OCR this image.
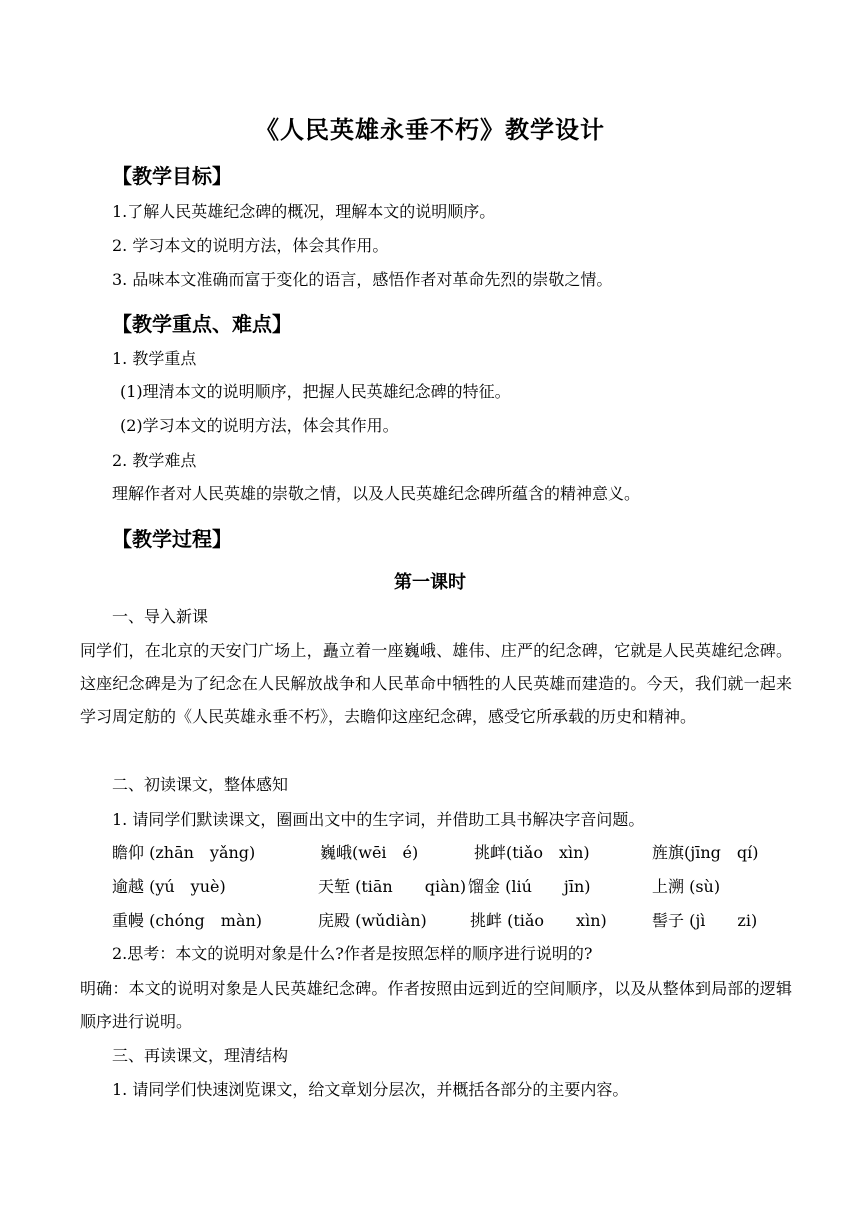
《人民英雄永垂不朽》教学设计
【教学目标】
1.了解人民英雄纪念碑的概况，理解本文的说明顺序。
2. 学习本文的说明方法，体会其作用。
3. 品味本文准确而富于变化的语言，感悟作者对革命先烈的崇敬之情。
【教学重点、难点】
1. 教学重点
(1)理清本文的说明顺序，把握人民英雄纪念碑的特征。
(2)学习本文的说明方法，体会其作用。
2. 教学难点
理解作者对人民英雄的崇敬之情，以及人民英雄纪念碑所蕴含的精神意义。
【教学过程】
第一课时
一、导入新课
同学们，在北京的天安门广场上，矗立着一座巍峨、雄伟、庄严的纪念碑，它就是人民英雄纪念碑。这座纪念碑是为了纪念在人民解放战争和人民革命中牺牲的人民英雄而建造的。今天，我们就一起来学习周定舫的《人民英雄永垂不朽》，去瞻仰这座纪念碑，感受它所承载的历史和精神。
二、初读课文，整体感知
1. 请同学们默读课文，圈画出文中的生字词，并借助工具书解决字音问题。
瞻仰 (zhān　yǎng)	巍峨(wēi　é)	挑衅(tiǎo　xìn)	旌旗(jīng　qí)
逾越 (yú　yuè)	天堑 (tiān　　qiàn) 馏金 (liú　　jīn)	上溯 (sù)
重幔 (chóng　màn)	庑殿 (wǔdiàn)	挑衅 (tiǎo　　xìn)	髻子 (jì　　zi)
2.思考：本文的说明对象是什么?作者是按照怎样的顺序进行说明的?
明确：本文的说明对象是人民英雄纪念碑。作者按照由远到近的空间顺序，以及从整体到局部的逻辑顺序进行说明。
三、再读课文，理清结构
1. 请同学们快速浏览课文，给文章划分层次，并概括各部分的主要内容。
